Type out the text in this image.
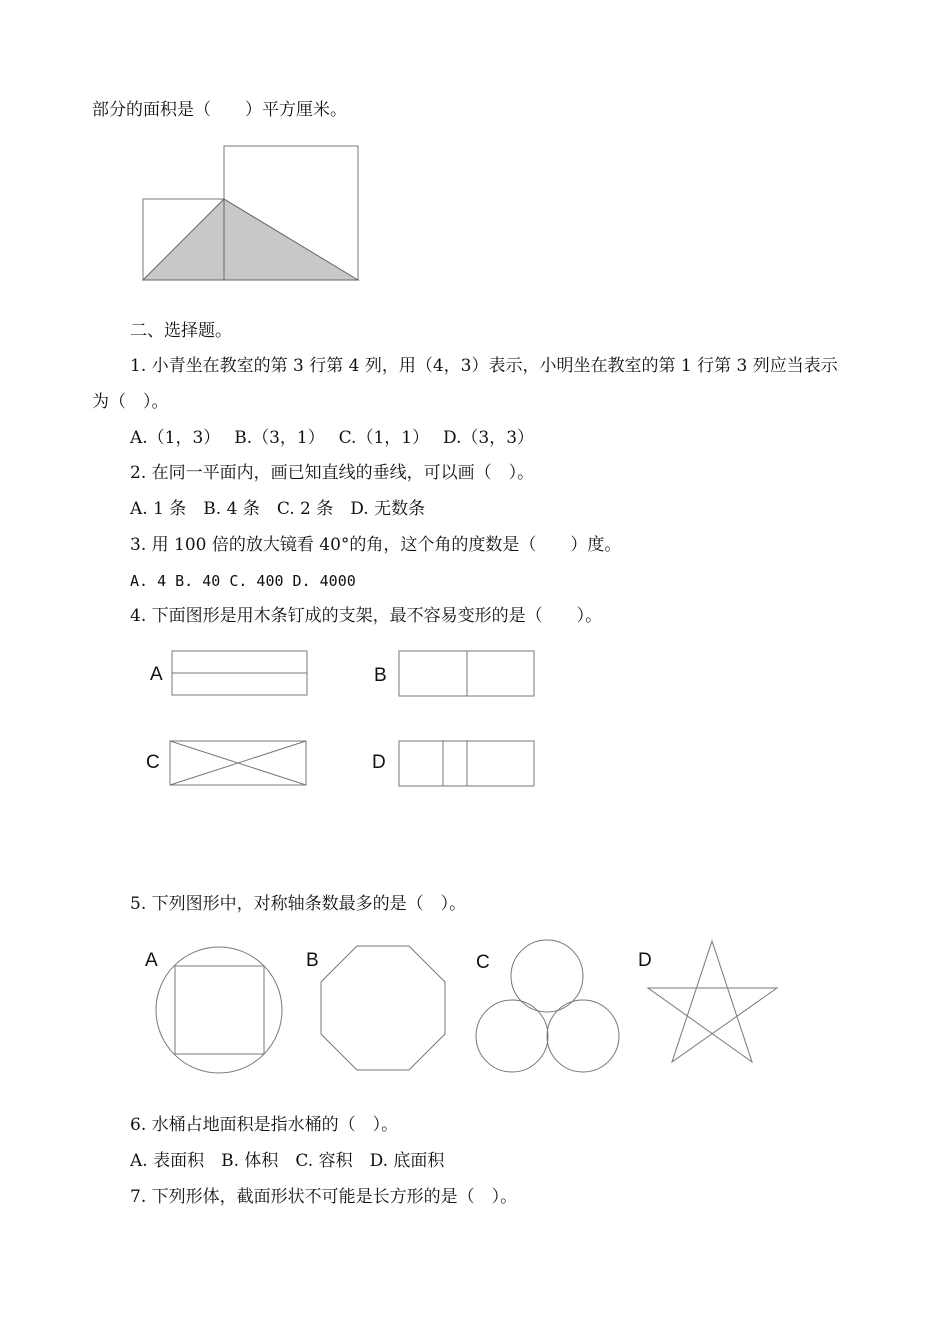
部分的面积是（　　）平方厘米。
二、选择题。
1. 小青坐在教室的第 3 行第 4 列，用（4，3）表示，小明坐在教室的第 1 行第 3 列应当表示
为（　）。
A.（1，3）　 B.（3，1）　 C.（1，1）　 D.（3，3）
2. 在同一平面内，画已知直线的垂线，可以画（　）。
A. 1 条　B. 4 条　C. 2 条　D. 无数条
3. 用 100 倍的放大镜看 40°的角，这个角的度数是（　　）度。
A. 4 B. 40 C. 400 D. 4000
4. 下面图形是用木条钉成的支架，最不容易变形的是（　　）。
A	B
C	D
5. 下列图形中，对称轴条数最多的是（　）。
A	B	C	D
6. 水桶占地面积是指水桶的（　）。
A. 表面积　B. 体积　C. 容积　D. 底面积
7. 下列形体，截面形状不可能是长方形的是（　）。
